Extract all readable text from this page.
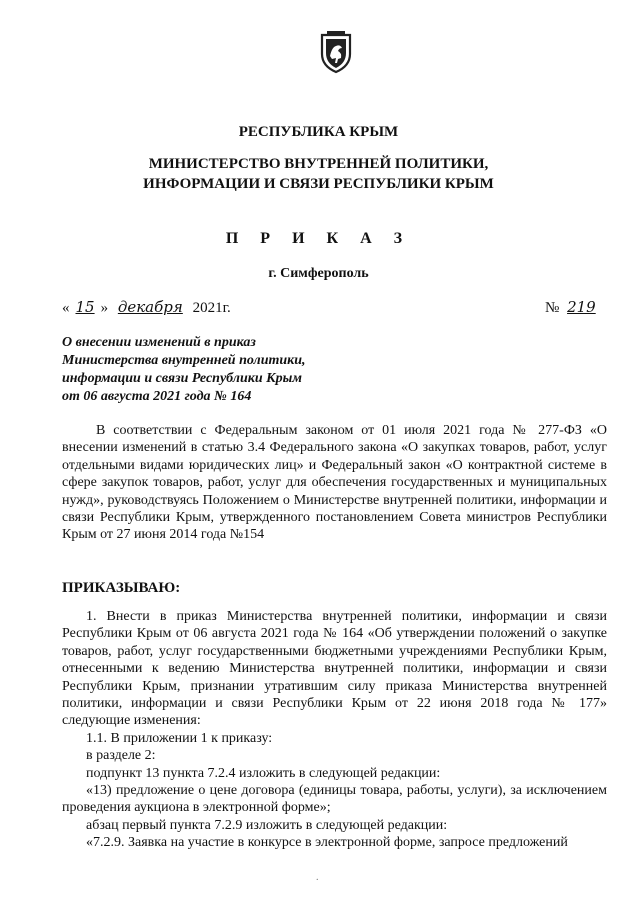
РЕСПУБЛИКА КРЫМ
МИНИСТЕРСТВО ВНУТРЕННЕЙ ПОЛИТИКИ,
ИНФОРМАЦИИ И СВЯЗИ РЕСПУБЛИКИ КРЫМ
П Р И К А З
г. Симферополь
« 15 » декабря 2021г.	№ 219
О внесении изменений в приказ
Министерства внутренней политики,
информации и связи Республики Крым
от 06 августа 2021 года № 164

В соответствии с Федеральным законом от 01 июля 2021 года № 277-ФЗ «О внесении изменений в статью 3.4 Федерального закона «О закупках товаров, работ, услуг отдельными видами юридических лиц» и Федеральный закон «О контрактной системе в сфере закупок товаров, работ, услуг для обеспечения государственных и муниципальных нужд», руководствуясь Положением о Министерстве внутренней политики, информации и связи Республики Крым, утвержденного постановлением Совета министров Республики Крым от 27 июня 2014 года №154

ПРИКАЗЫВАЮ:

1. Внести в приказ Министерства внутренней политики, информации и связи Республики Крым от 06 августа 2021 года № 164 «Об утверждении положений о закупке товаров, работ, услуг государственными бюджетными учреждениями Республики Крым, отнесенными к ведению Министерства внутренней политики, информации и связи Республики Крым, признании утратившим силу приказа Министерства внутренней политики, информации и связи Республики Крым от 22 июня 2018 года № 177» следующие изменения:

1.1. В приложении 1 к приказу:

в разделе 2:

подпункт 13 пункта 7.2.4 изложить в следующей редакции:

«13) предложение о цене договора (единицы товара, работы, услуги), за исключением проведения аукциона в электронной форме»;

абзац первый пункта 7.2.9 изложить в следующей редакции:

«7.2.9. Заявка на участие в конкурсе в электронной форме, запросе предложений

.
